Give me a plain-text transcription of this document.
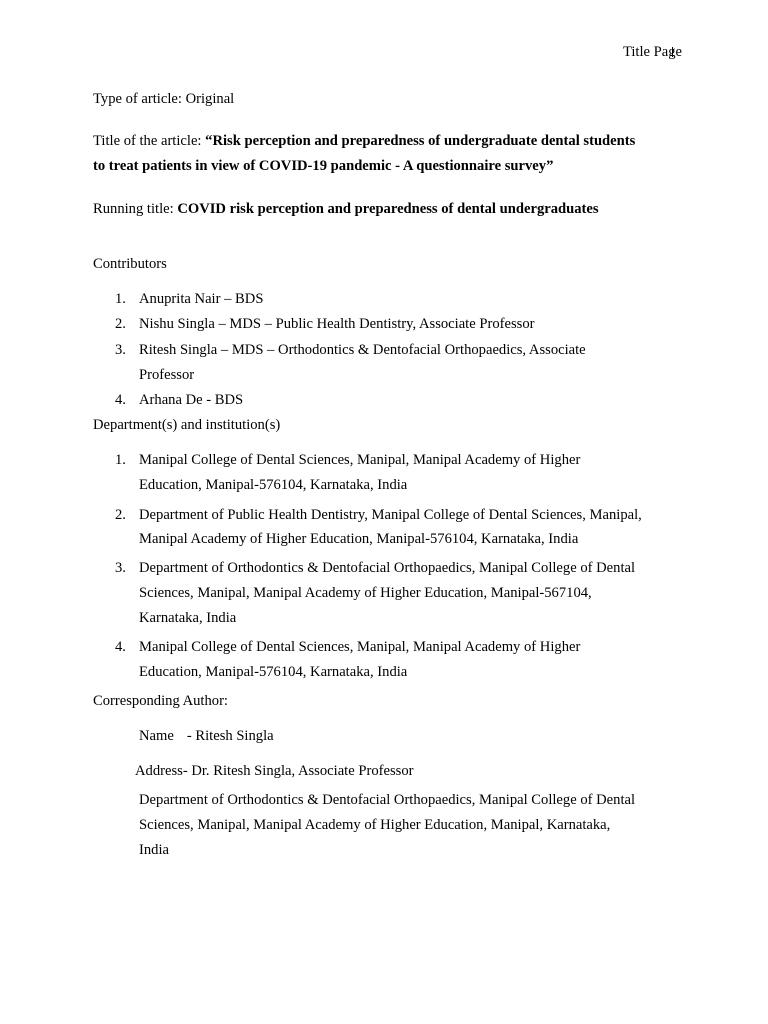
Title Page
Type of article: Original
Title of the article: “Risk perception and preparedness of undergraduate dental students
to treat patients in view of COVID-19 pandemic - A questionnaire survey”
Running title: COVID risk perception and preparedness of dental undergraduates
Contributors
1. Anuprita Nair – BDS
2. Nishu Singla – MDS – Public Health Dentistry, Associate Professor
3. Ritesh Singla – MDS – Orthodontics & Dentofacial Orthopaedics, Associate
Professor
4. Arhana De - BDS
Department(s) and institution(s)
1. Manipal College of Dental Sciences, Manipal, Manipal Academy of Higher
Education, Manipal-576104, Karnataka, India
2. Department of Public Health Dentistry, Manipal College of Dental Sciences, Manipal,
Manipal Academy of Higher Education, Manipal-576104, Karnataka, India
3. Department of Orthodontics & Dentofacial Orthopaedics, Manipal College of Dental
Sciences, Manipal, Manipal Academy of Higher Education, Manipal-567104,
Karnataka, India
4. Manipal College of Dental Sciences, Manipal, Manipal Academy of Higher
Education, Manipal-576104, Karnataka, India
Corresponding Author:
Name - Ritesh Singla
Address- Dr. Ritesh Singla, Associate Professor
Department of Orthodontics & Dentofacial Orthopaedics, Manipal College of Dental
Sciences, Manipal, Manipal Academy of Higher Education, Manipal, Karnataka,
India
